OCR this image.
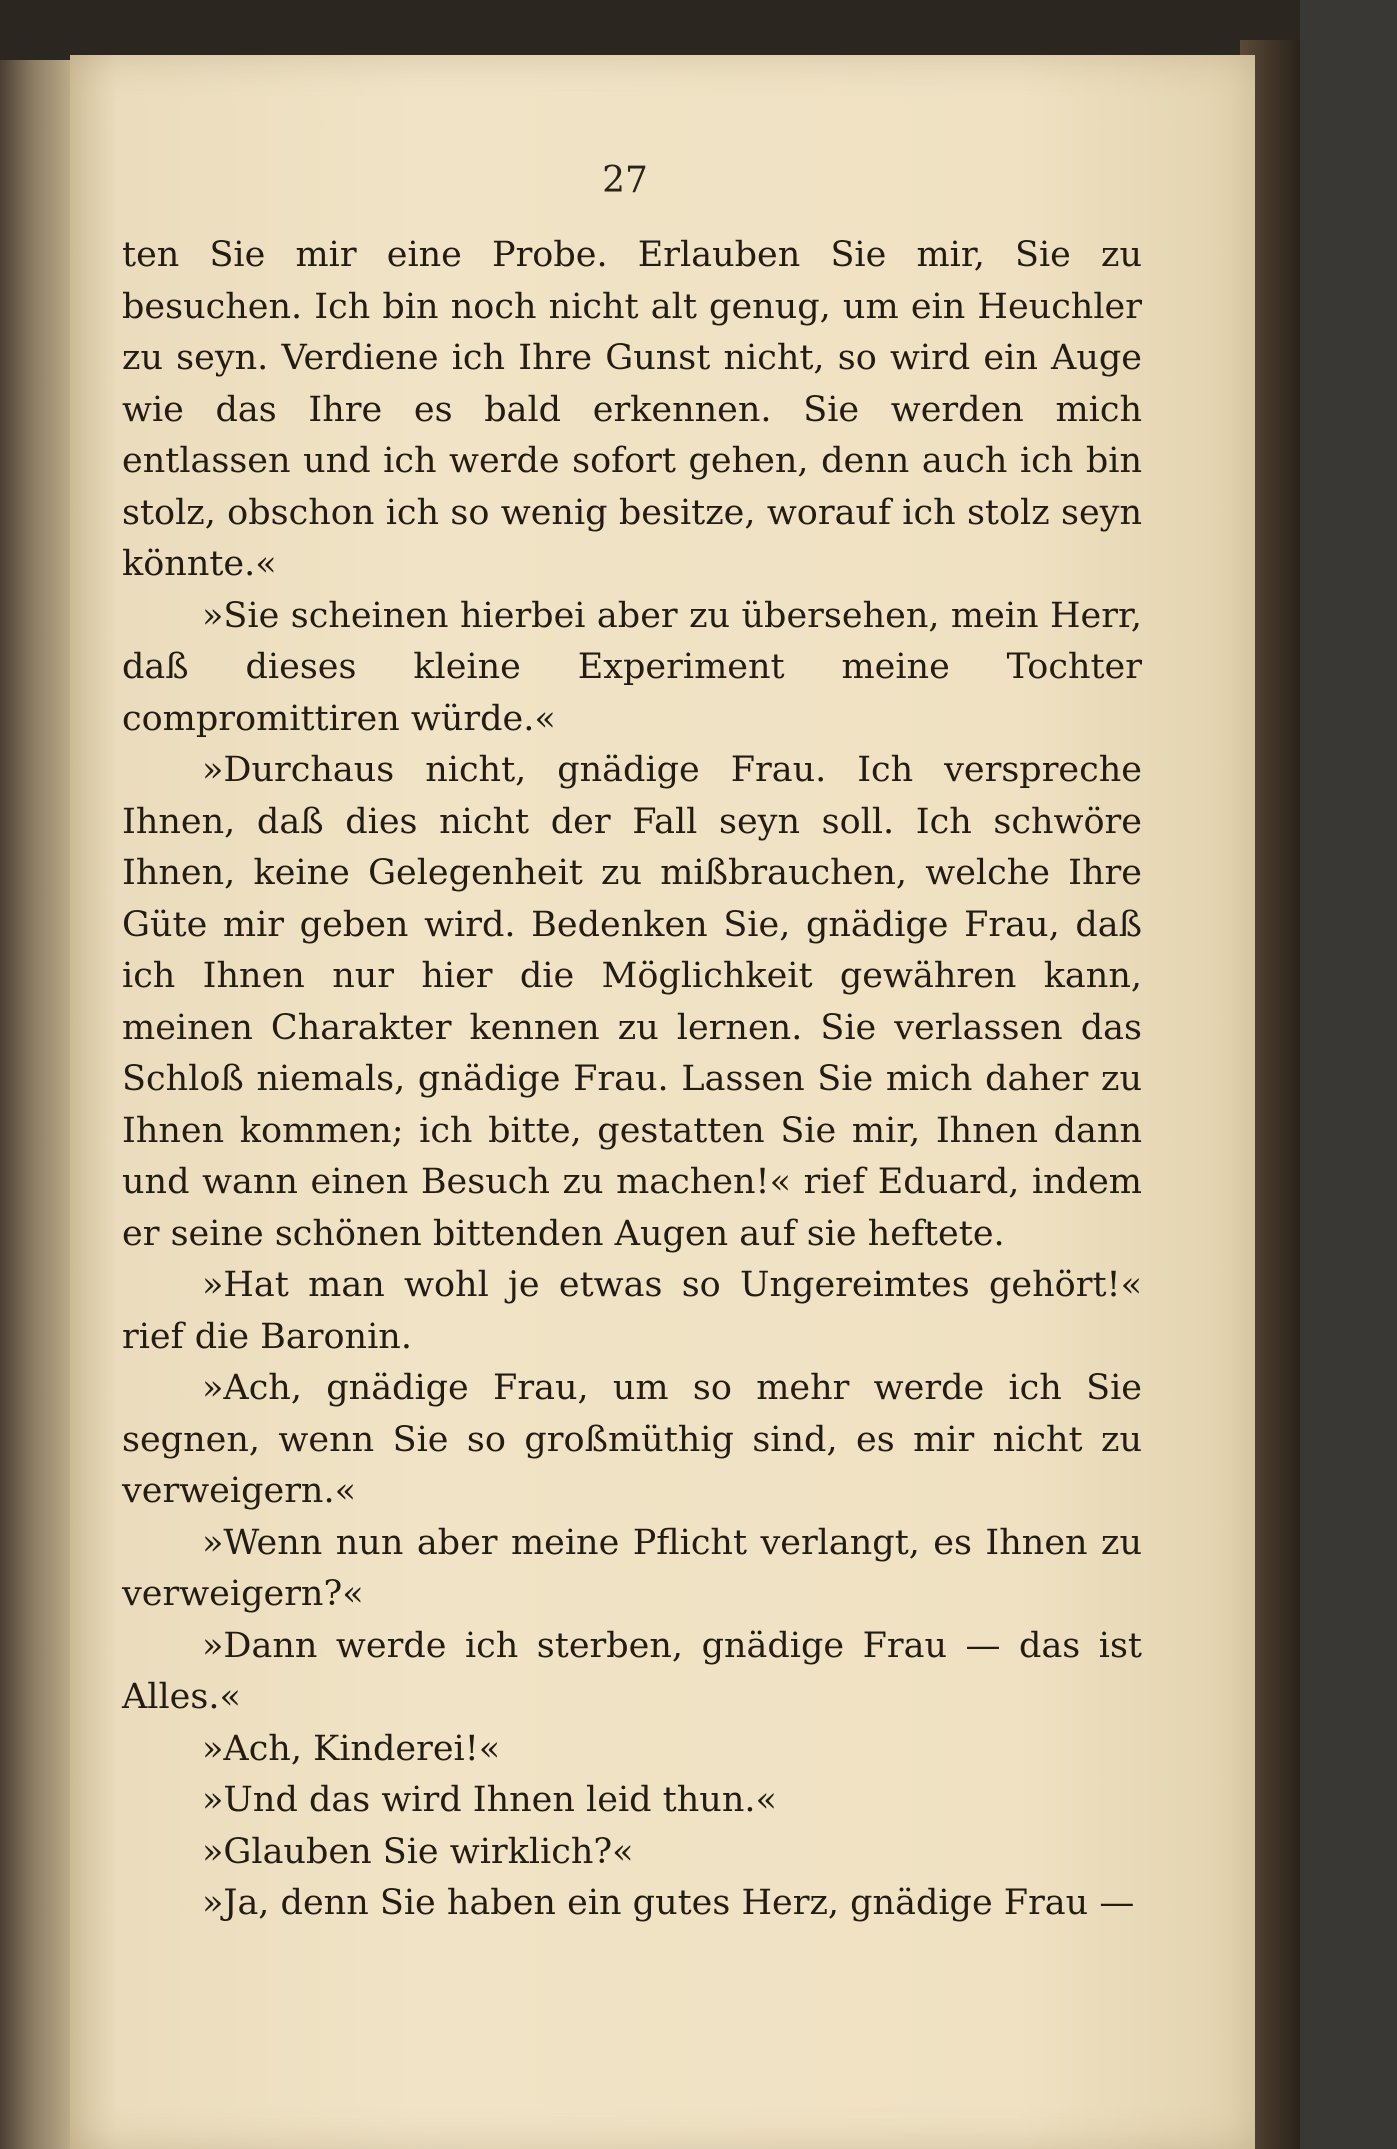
27

ten Sie mir eine Probe. Erlauben Sie mir, Sie zu besuchen. Ich bin noch nicht alt genug, um ein Heuchler zu seyn. Verdiene ich Ihre Gunst nicht, so wird ein Auge wie das Ihre es bald erkennen. Sie werden mich entlassen und ich werde sofort gehen, denn auch ich bin stolz, obschon ich so wenig besitze, worauf ich stolz seyn könnte.«

»Sie scheinen hierbei aber zu übersehen, mein Herr, daß dieses kleine Experiment meine Tochter compromittiren würde.«

»Durchaus nicht, gnädige Frau. Ich verspreche Ihnen, daß dies nicht der Fall seyn soll. Ich schwöre Ihnen, keine Gelegenheit zu mißbrauchen, welche Ihre Güte mir geben wird. Bedenken Sie, gnädige Frau, daß ich Ihnen nur hier die Möglichkeit gewähren kann, meinen Charakter kennen zu lernen. Sie verlassen das Schloß niemals, gnädige Frau. Lassen Sie mich daher zu Ihnen kommen; ich bitte, gestatten Sie mir, Ihnen dann und wann einen Besuch zu machen!« rief Eduard, indem er seine schönen bittenden Augen auf sie heftete.

»Hat man wohl je etwas so Ungereimtes gehört!« rief die Baronin.

»Ach, gnädige Frau, um so mehr werde ich Sie segnen, wenn Sie so großmüthig sind, es mir nicht zu verweigern.«

»Wenn nun aber meine Pflicht verlangt, es Ihnen zu verweigern?«

»Dann werde ich sterben, gnädige Frau — das ist Alles.«

»Ach, Kinderei!«

»Und das wird Ihnen leid thun.«

»Glauben Sie wirklich?«

»Ja, denn Sie haben ein gutes Herz, gnädige Frau —
